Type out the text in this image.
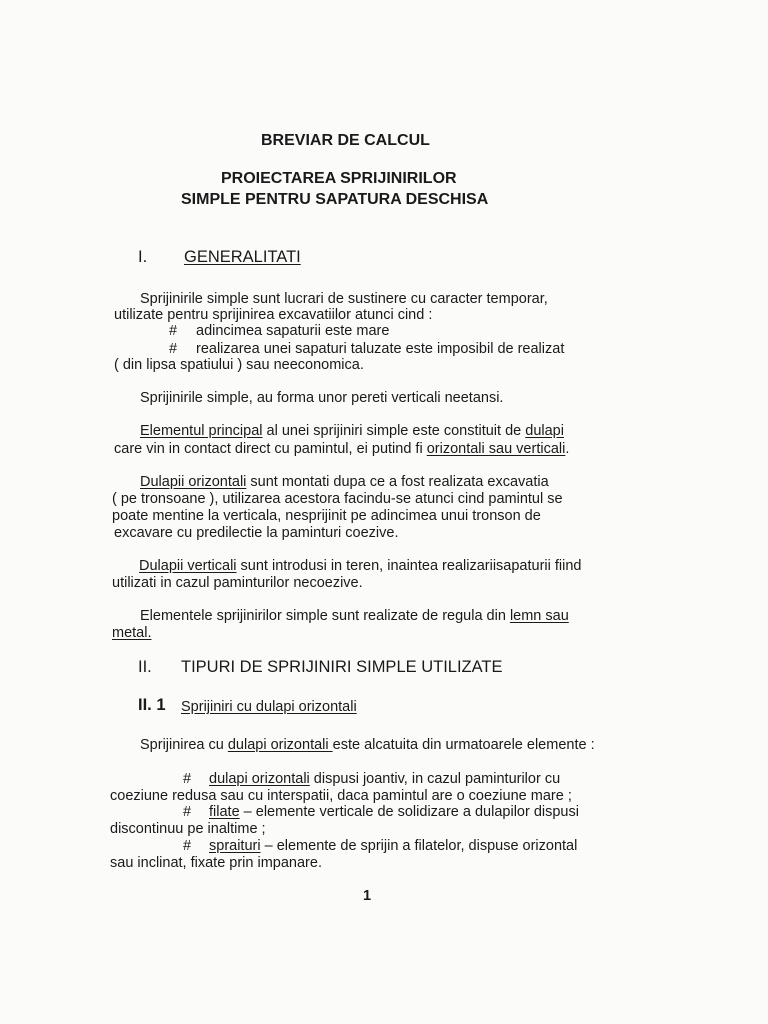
BREVIAR DE CALCUL
PROIECTAREA SPRIJINIRILOR
SIMPLE PENTRU SAPATURA DESCHISA
I. GENERALITATI
Sprijinirile simple sunt lucrari de sustinere cu caracter temporar,
utilizate pentru sprijinirea excavatiilor atunci cind :
# adincimea sapaturii este mare
# realizarea unei sapaturi taluzate este imposibil de realizat
( din lipsa spatiului ) sau neeconomica.
Sprijinirile simple, au forma unor pereti verticali neetansi.
Elementul principal al unei sprijiniri simple este constituit de dulapi
care vin in contact direct cu pamintul, ei putind fi orizontali sau verticali.
Dulapii orizontali sunt montati dupa ce a fost realizata excavatia
( pe tronsoane ), utilizarea acestora facindu-se atunci cind pamintul se
poate mentine la verticala, nesprijinit pe adincimea unui tronson de
excavare cu predilectie la paminturi coezive.
Dulapii verticali sunt introdusi in teren, inaintea realizariisapaturii fiind
utilizati in cazul paminturilor necoezive.
Elementele sprijinirilor simple sunt realizate de regula din lemn sau
metal.
II. TIPURI DE SPRIJINIRI SIMPLE UTILIZATE
II. 1 Sprijiniri cu dulapi orizontali
Sprijinirea cu dulapi orizontali este alcatuita din urmatoarele elemente :
# dulapi orizontali dispusi joantiv, in cazul paminturilor cu
coeziune redusa sau cu interspatii, daca pamintul are o coeziune mare ;
# filate – elemente verticale de solidizare a dulapilor dispusi
discontinuu pe inaltime ;
# spraituri – elemente de sprijin a filatelor, dispuse orizontal
sau inclinat, fixate prin impanare.
1
